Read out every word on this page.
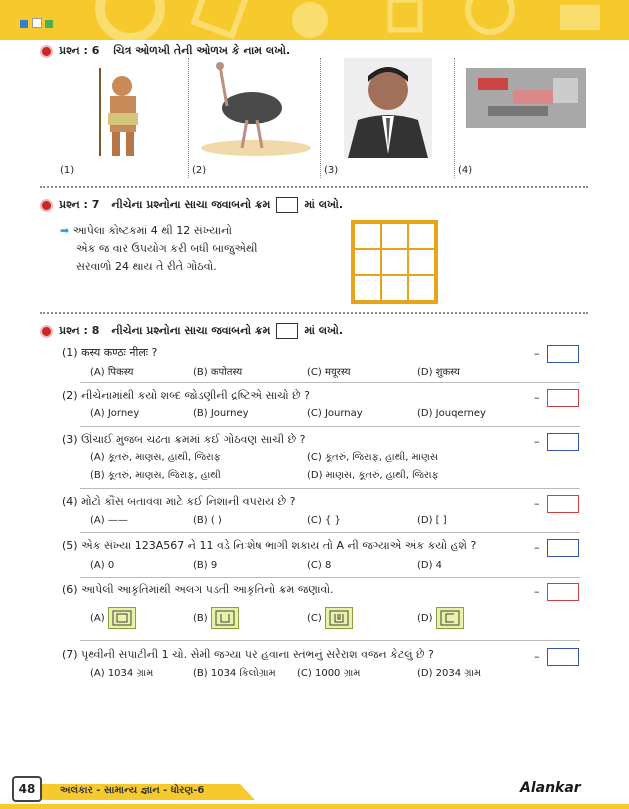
પ્રશ્ન : 6 ચિત્ર ઓળખી તેની ઓળખ કે નામ લખો.
(1)	(2)	(3)	(4)
પ્રશ્ન : 7 નીચેના પ્રશ્નોના સાચા જવાબનો ક્રમ	માં લખો.
➡ આપેલા કોષ્ટકમાં 4 થી 12 સંખ્યાનો
એક જ વાર ઉપયોગ કરી બધી બાજુએથી
સરવાળો 24 થાય તે રીતે ગોઠવો.
પ્રશ્ન : 8 નીચેના પ્રશ્નોના સાચા જવાબનો ક્રમ	માં લખો.
(1) कस्य कण्ठः नीलः ?
(A) पिकस्य	(B) कपोतस्य	(C) मयूरस्य	(D) शुकस्य
–
(2) નીચેનામાંથી કયો શબ્દ જોડણીની દ્રષ્ટિએ સાચો છે ?
(A) Jorney	(B) Journey	(C) Journay	(D) Jouqerney
–
(3) ઊંચાઈ મુજબ ચઢતા ક્રમમાં કઈ ગોઠવણ સાચી છે ?
(A) કૂતરું, માણસ, હાથી, જિરાફ
(B) કૂતરું, માણસ, જિરાફ, હાથી
(C) કૂતરું, જિરાફ, હાથી, માણસ
(D) માણસ, કૂતરું, હાથી, જિરાફ
–
(4) મોટો કૌંસ બતાવવા માટે કઈ નિશાની વપરાય છે ?
(A) ——	(B) ( )	(C) { }	(D) [ ]
–
(5) એક સંખ્યા 123A567 ને 11 વડે નિઃશેષ ભાગી શકાય તો A ની જગ્યાએ અંક કયો હશે ?
(A) 0	(B) 9	(C) 8	(D) 4
–
(6) આપેલી આકૃતિમાંથી અલગ પડતી આકૃતિનો ક્રમ જણાવો.
(A)	(B)	(C)	(D)
–
(7) પૃથ્વીની સપાટીની 1 ચો. સેમી જગ્યા પર હવાના સ્તંભનું સરેરાશ વજન કેટલું છે ?
(A) 1034 ગ્રામ	(B) 1034 કિલોગ્રામ (C) 1000 ગ્રામ	(D) 2034 ગ્રામ
–
48	અલંકાર - સામાન્ય જ્ઞાન - ધોરણ-6	Alankar
